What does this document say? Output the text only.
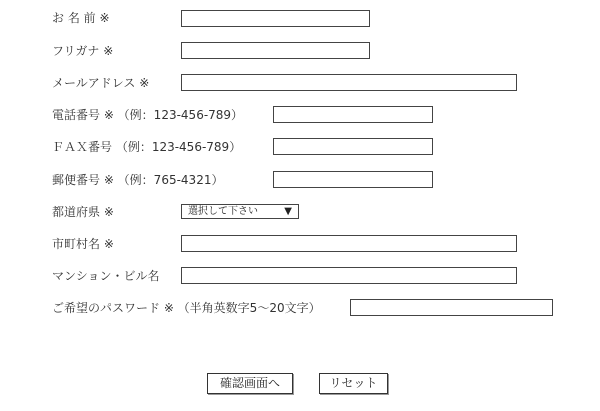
お 名 前 ※
フリガナ ※
メールアドレス ※
電話番号 ※ （例：123-456-789）
ＦＡＸ番号 （例：123-456-789）
郵便番号 ※ （例：765-4321）
都道府県 ※	選択して下さい	▼
市町村名 ※
マンション・ビル名
ご希望のパスワード ※ （半角英数字5～20文字）
確認画面へ	リセット
